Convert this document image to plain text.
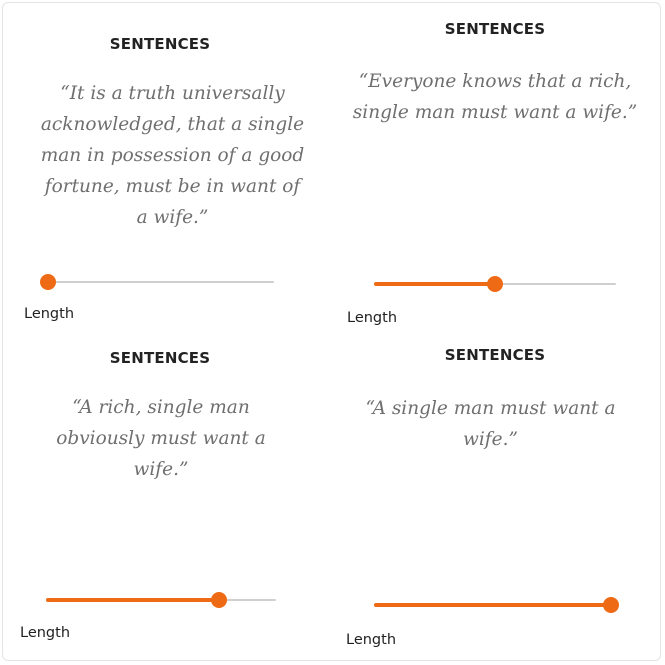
SENTENCES
“It is a truth universally acknowledged, that a single man in possession of a good fortune, must be in want of a wife.”
Length
SENTENCES
“Everyone knows that a rich, single man must want a wife.”
Length
SENTENCES
“A rich, single man obviously must want a wife.”
Length
SENTENCES
“A single man must want a wife.”
Length
